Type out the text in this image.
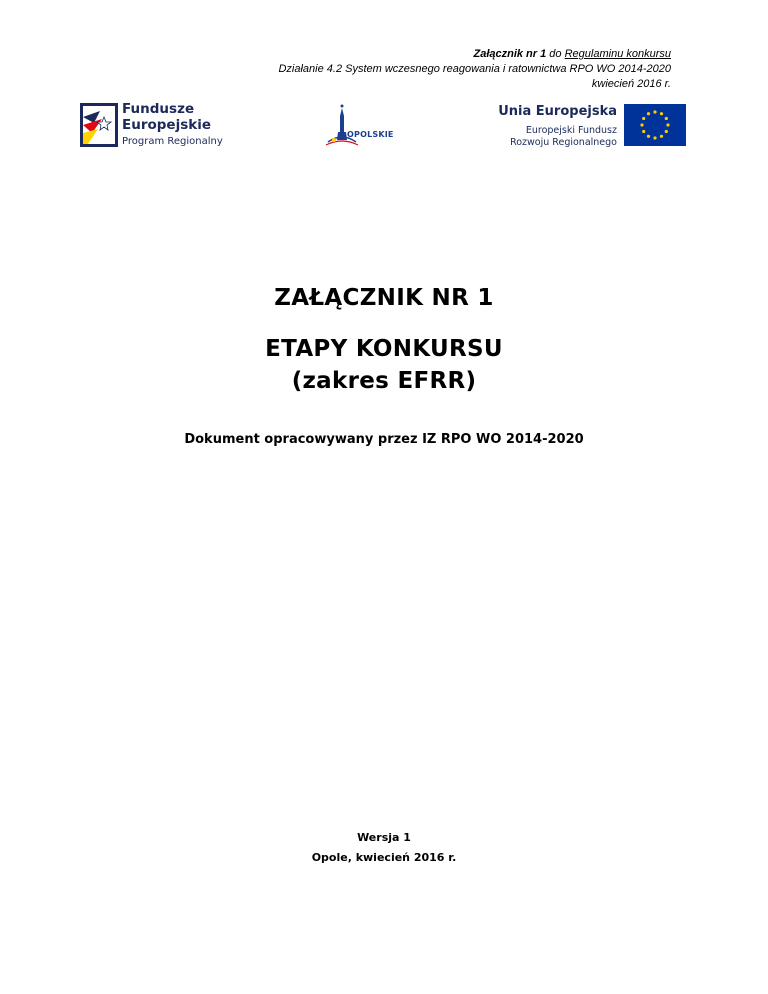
Załącznik nr 1 do Regulaminu konkursu
Działanie 4.2 System wczesnego reagowania i ratownictwa RPO WO 2014-2020
kwiecień 2016 r.
Fundusze
Europejskie
Program Regionalny
OPOLSKIE
Unia Europejska
Europejski Fundusz
Rozwoju Regionalnego
ZAŁĄCZNIK NR 1
ETAPY KONKURSU
(zakres EFRR)
Dokument opracowywany przez IZ RPO WO 2014-2020
Wersja 1
Opole, kwiecień 2016 r.
